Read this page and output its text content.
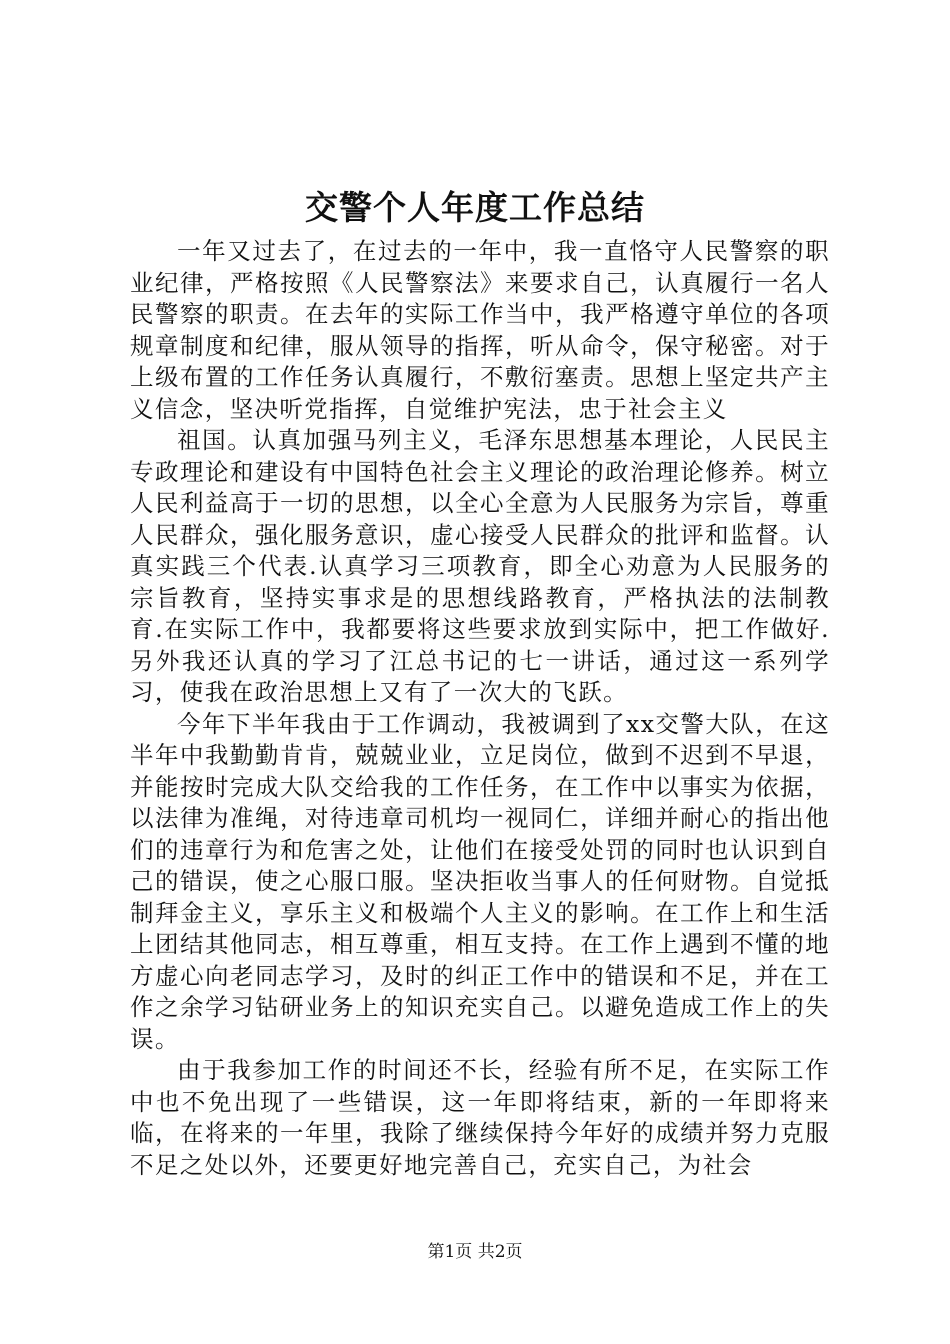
交警个人年度工作总结

一年又过去了，在过去的一年中，我一直恪守人民警察的职业纪律，严格按照《人民警察法》来要求自己，认真履行一名人民警察的职责。在去年的实际工作当中，我严格遵守单位的各项规章制度和纪律，服从领导的指挥，听从命令，保守秘密。对于上级布置的工作任务认真履行，不敷衍塞责。思想上坚定共产主义信念，坚决听党指挥，自觉维护宪法，忠于社会主义

祖国。认真加强马列主义，毛泽东思想基本理论，人民民主专政理论和建设有中国特色社会主义理论的政治理论修养。树立人民利益高于一切的思想，以全心全意为人民服务为宗旨，尊重人民群众，强化服务意识，虚心接受人民群众的批评和监督。认真实践三个代表.认真学习三项教育，即全心劝意为人民服务的宗旨教育，坚持实事求是的思想线路教育，严格执法的法制教育.在实际工作中，我都要将这些要求放到实际中，把工作做好.另外我还认真的学习了江总书记的七一讲话，通过这一系列学习，使我在政治思想上又有了一次大的飞跃。

今年下半年我由于工作调动，我被调到了xx交警大队，在这半年中我勤勤肯肯，兢兢业业，立足岗位，做到不迟到不早退，并能按时完成大队交给我的工作任务，在工作中以事实为依据，以法律为准绳，对待违章司机均一视同仁，详细并耐心的指出他们的违章行为和危害之处，让他们在接受处罚的同时也认识到自己的错误，使之心服口服。坚决拒收当事人的任何财物。自觉抵制拜金主义，享乐主义和极端个人主义的影响。在工作上和生活上团结其他同志，相互尊重，相互支持。在工作上遇到不懂的地方虚心向老同志学习，及时的纠正工作中的错误和不足，并在工作之余学习钻研业务上的知识充实自己。以避免造成工作上的失误。

由于我参加工作的时间还不长，经验有所不足，在实际工作中也不免出现了一些错误，这一年即将结束，新的一年即将来临，在将来的一年里，我除了继续保持今年好的成绩并努力克服不足之处以外，还要更好地完善自己，充实自己，为社会

第1页 共2页
